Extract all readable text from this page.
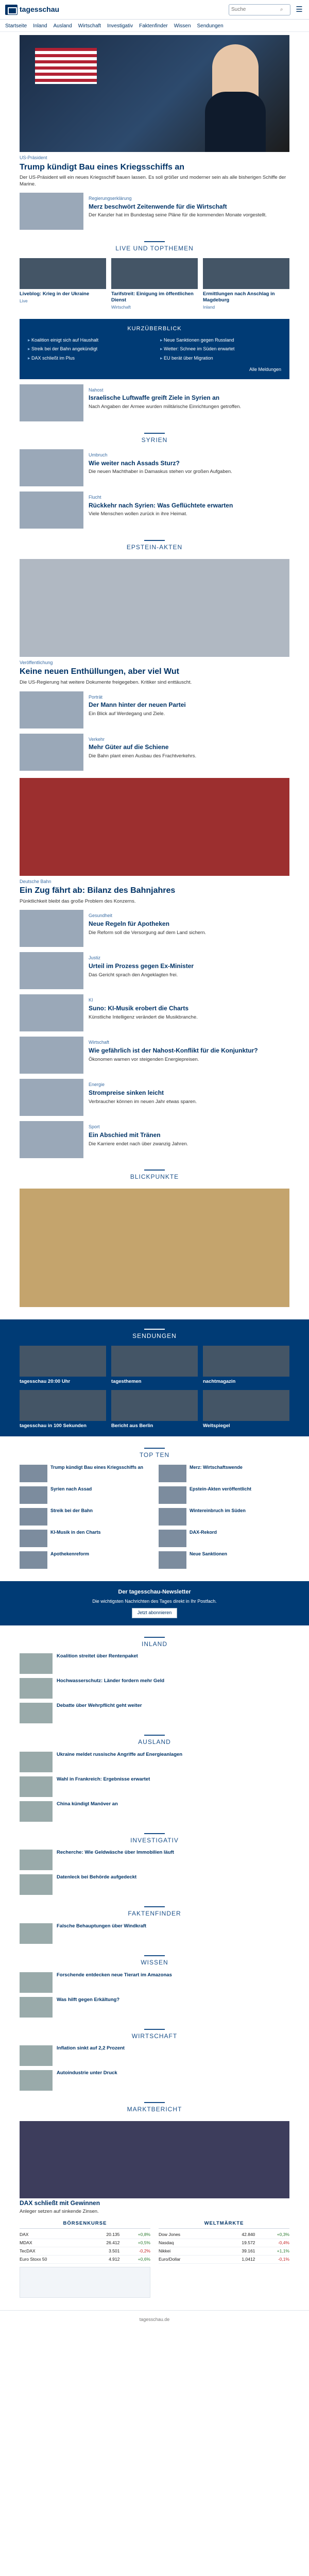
tagesschau
Suche	⌕ ☰
Startseite Inland Ausland Wirtschaft Investigativ Faktenfinder Wissen Sendungen
US-Präsident
Trump kündigt Bau eines Kriegsschiffs an
Der US-Präsident will ein neues Kriegsschiff bauen lassen. Es soll größer und moderner sein als alle bisherigen Schiffe der Marine.
Regierungserklärung
Merz beschwört Zeitenwende für die Wirtschaft
Der Kanzler hat im Bundestag seine Pläne für die kommenden Monate vorgestellt.
LIVE UND TOPTHEMEN
Liveblog: Krieg in der Ukraine
Live
Tarifstreit: Einigung im öffentlichen Dienst
Wirtschaft
Ermittlungen nach Anschlag in Magdeburg
Inland
KURZÜBERBLICK
▸ Koalition einigt sich auf Haushalt	▸ Neue Sanktionen gegen Russland
▸ Streik bei der Bahn angekündigt	▸ Wetter: Schnee im Süden erwartet
▸ DAX schließt im Plus	▸ EU berät über Migration
Alle Meldungen
Nahost
Israelische Luftwaffe greift Ziele in Syrien an
Nach Angaben der Armee wurden militärische Einrichtungen getroffen.
SYRIEN
Umbruch
Wie weiter nach Assads Sturz?
Die neuen Machthaber in Damaskus stehen vor großen Aufgaben.
Flucht
Rückkehr nach Syrien: Was Geflüchtete erwarten
Viele Menschen wollen zurück in ihre Heimat.
EPSTEIN-AKTEN
Veröffentlichung
Keine neuen Enthüllungen, aber viel Wut
Die US-Regierung hat weitere Dokumente freigegeben. Kritiker sind enttäuscht.
Porträt
Der Mann hinter der neuen Partei
Ein Blick auf Werdegang und Ziele.
Verkehr
Mehr Güter auf die Schiene
Die Bahn plant einen Ausbau des Frachtverkehrs.
Deutsche Bahn
Ein Zug fährt ab: Bilanz des Bahnjahres
Pünktlichkeit bleibt das große Problem des Konzerns.
Gesundheit
Neue Regeln für Apotheken
Die Reform soll die Versorgung auf dem Land sichern.
Justiz
Urteil im Prozess gegen Ex-Minister
Das Gericht sprach den Angeklagten frei.
KI
Suno: KI-Musik erobert die Charts
Künstliche Intelligenz verändert die Musikbranche.
Wirtschaft
Wie gefährlich ist der Nahost-Konflikt für die Konjunktur?
Ökonomen warnen vor steigenden Energiepreisen.
Energie
Strompreise sinken leicht
Verbraucher können im neuen Jahr etwas sparen.
Sport
Ein Abschied mit Tränen
Die Karriere endet nach über zwanzig Jahren.
BLICKPUNKTE
SENDUNGEN
tagesschau 20:00 Uhr	tagesthemen	nachtmagazin
tagesschau in 100 Sekunden	Bericht aus Berlin	Weltspiegel
TOP TEN
Trump kündigt Bau eines Kriegsschiffs an	Merz: Wirtschaftswende
Syrien nach Assad	Epstein-Akten veröffentlicht
Streik bei der Bahn	Wintereinbruch im Süden
KI-Musik in den Charts	DAX-Rekord
Apothekenreform	Neue Sanktionen
Der tagesschau-Newsletter
Die wichtigsten Nachrichten des Tages direkt in Ihr Postfach.
Jetzt abonnieren
INLAND
Koalition streitet über Rentenpaket
Hochwasserschutz: Länder fordern mehr Geld
Debatte über Wehrpflicht geht weiter
AUSLAND
Ukraine meldet russische Angriffe auf Energieanlagen
Wahl in Frankreich: Ergebnisse erwartet
China kündigt Manöver an
INVESTIGATIV
Recherche: Wie Geldwäsche über Immobilien läuft
Datenleck bei Behörde aufgedeckt
FAKTENFINDER
Falsche Behauptungen über Windkraft
WISSEN
Forschende entdecken neue Tierart im Amazonas
Was hilft gegen Erkältung?
WIRTSCHAFT
Inflation sinkt auf 2,2 Prozent
Autoindustrie unter Druck
MARKTBERICHT
DAX schließt mit Gewinnen
Anleger setzen auf sinkende Zinsen.
BÖRSENKURSE
DAX	20.135	+0,8%
MDAX	26.412	+0,5%
TecDAX	3.501	-0,2%
Euro Stoxx 50	4.912	+0,6%
WELTMÄRKTE
Dow Jones	42.840	+0,3%
Nasdaq	19.572	-0,4%
Nikkei	39.161	+1,1%
Euro/Dollar	1,0412	-0,1%
tagesschau.de
